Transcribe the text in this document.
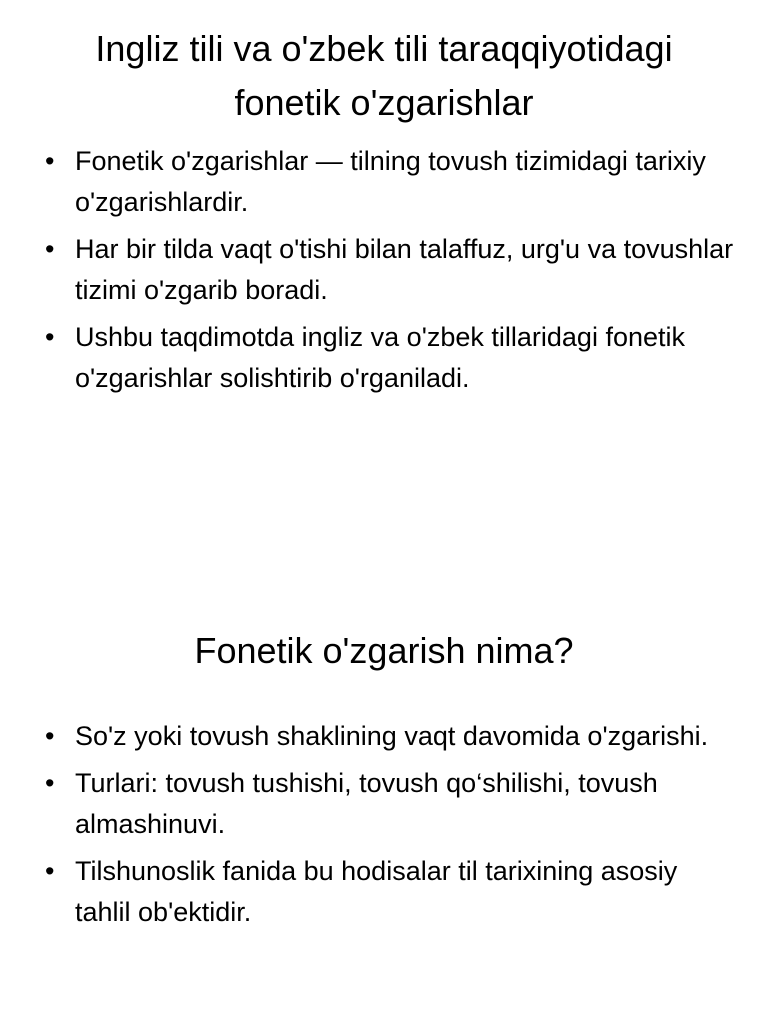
Ingliz tili va o'zbek tili taraqqiyotidagi fonetik o'zgarishlar
• Fonetik o'zgarishlar — tilning tovush tizimidagi tarixiy o'zgarishlardir.
• Har bir tilda vaqt o'tishi bilan talaffuz, urg'u va tovushlar tizimi o'zgarib boradi.
• Ushbu taqdimotda ingliz va o'zbek tillaridagi fonetik o'zgarishlar solishtirib o'rganiladi.
Fonetik o'zgarish nima?
• So'z yoki tovush shaklining vaqt davomida o'zgarishi.
• Turlari: tovush tushishi, tovush qo‘shilishi, tovush almashinuvi.
• Tilshunoslik fanida bu hodisalar til tarixining asosiy tahlil ob'ektidir.
